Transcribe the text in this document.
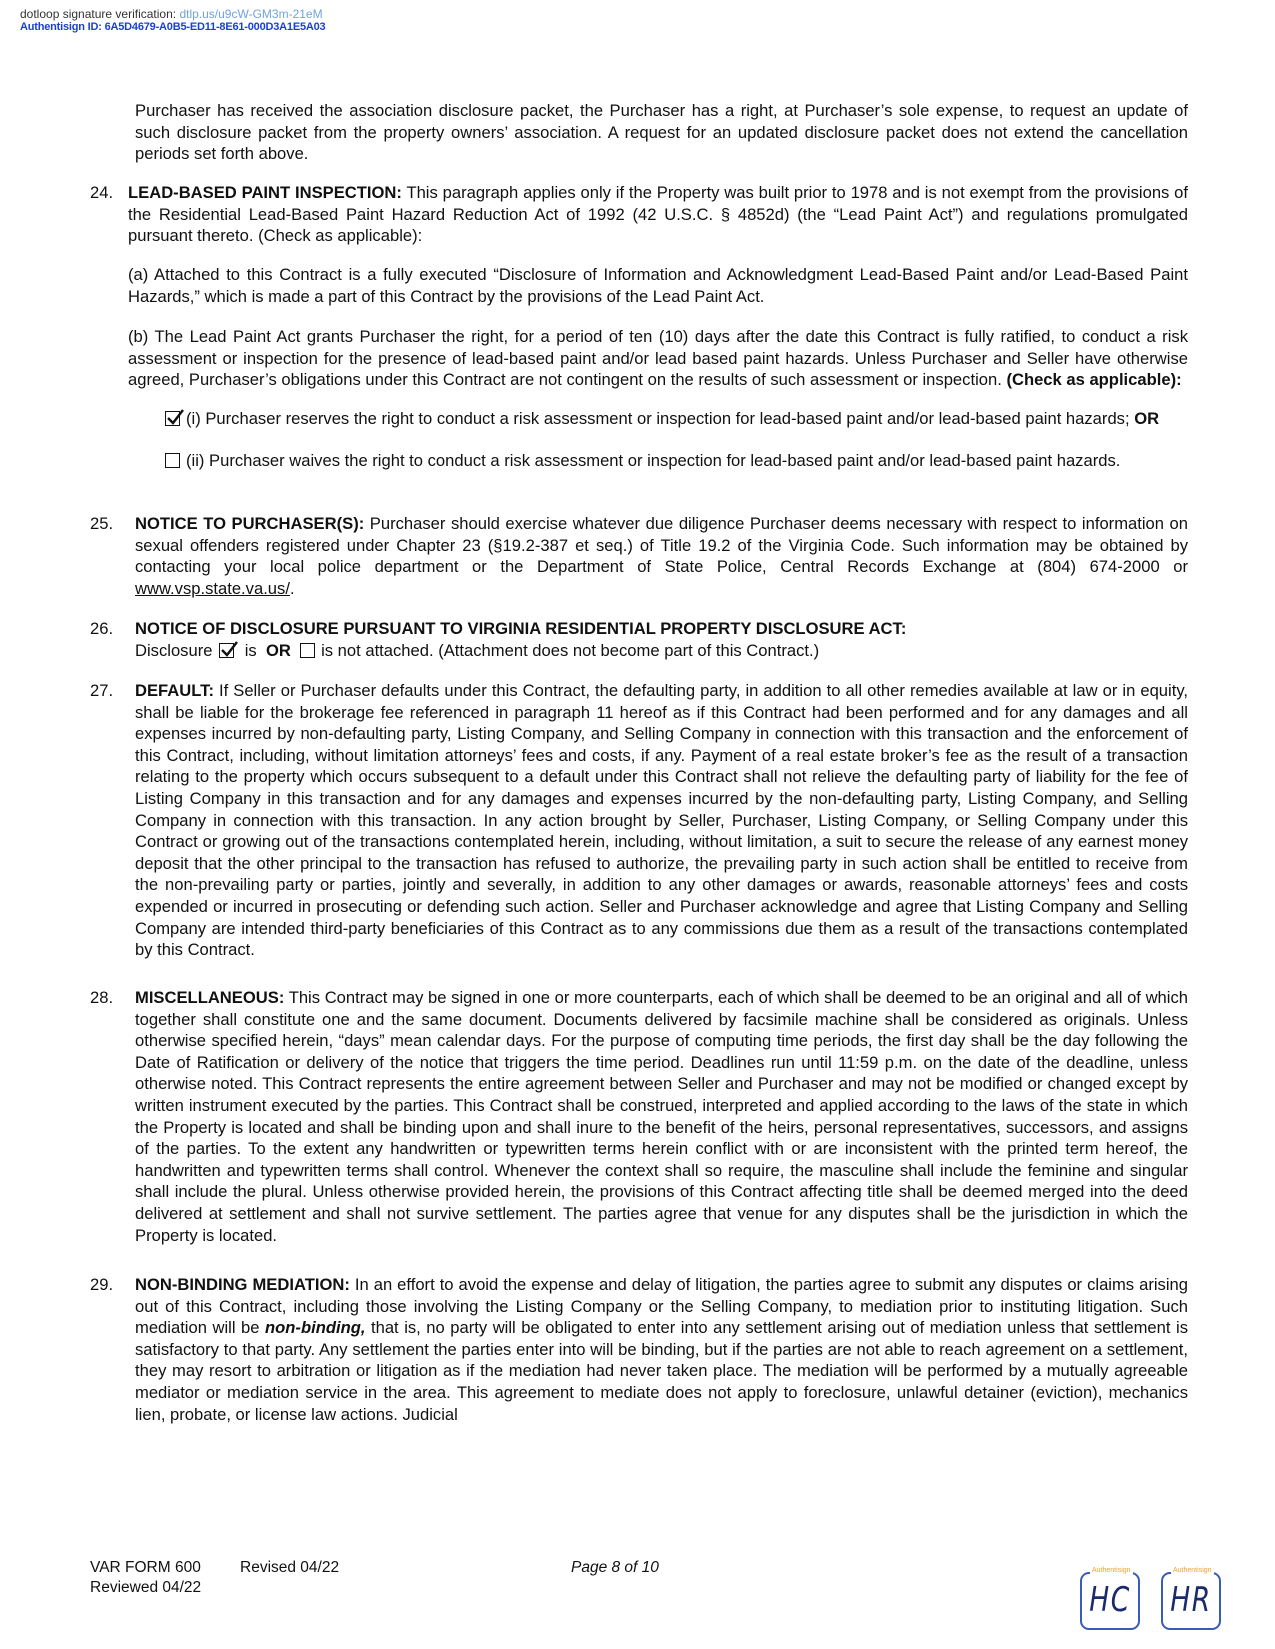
dotloop signature verification: dtlp.us/u9cW-GM3m-21eM
Authentisign ID: 6A5D4679-A0B5-ED11-8E61-000D3A1E5A03

Purchaser has received the association disclosure packet, the Purchaser has a right, at Purchaser’s sole expense, to request an update of such disclosure packet from the property owners’ association. A request for an updated disclosure packet does not extend the cancellation periods set forth above.

24. LEAD-BASED PAINT INSPECTION: This paragraph applies only if the Property was built prior to 1978 and is not exempt from the provisions of the Residential Lead-Based Paint Hazard Reduction Act of 1992 (42 U.S.C. § 4852d) (the “Lead Paint Act”) and regulations promulgated pursuant thereto. (Check as applicable):

(a) Attached to this Contract is a fully executed “Disclosure of Information and Acknowledgment Lead-Based Paint and/or Lead-Based Paint Hazards,” which is made a part of this Contract by the provisions of the Lead Paint Act.

(b) The Lead Paint Act grants Purchaser the right, for a period of ten (10) days after the date this Contract is fully ratified, to conduct a risk assessment or inspection for the presence of lead-based paint and/or lead based paint hazards. Unless Purchaser and Seller have otherwise agreed, Purchaser’s obligations under this Contract are not contingent on the results of such assessment or inspection. (Check as applicable):

(i) Purchaser reserves the right to conduct a risk assessment or inspection for lead-based paint and/or lead-based paint hazards; OR

(ii) Purchaser waives the right to conduct a risk assessment or inspection for lead-based paint and/or lead-based paint hazards.

25. NOTICE TO PURCHASER(S): Purchaser should exercise whatever due diligence Purchaser deems necessary with respect to information on sexual offenders registered under Chapter 23 (§19.2-387 et seq.) of Title 19.2 of the Virginia Code. Such information may be obtained by contacting your local police department or the Department of State Police, Central Records Exchange at (804) 674-2000 or www.vsp.state.va.us/.

26. NOTICE OF DISCLOSURE PURSUANT TO VIRGINIA RESIDENTIAL PROPERTY DISCLOSURE ACT:
Disclosure is OR is not attached. (Attachment does not become part of this Contract.)

27. DEFAULT: If Seller or Purchaser defaults under this Contract, the defaulting party, in addition to all other remedies available at law or in equity, shall be liable for the brokerage fee referenced in paragraph 11 hereof as if this Contract had been performed and for any damages and all expenses incurred by non-defaulting party, Listing Company, and Selling Company in connection with this transaction and the enforcement of this Contract, including, without limitation attorneys’ fees and costs, if any. Payment of a real estate broker’s fee as the result of a transaction relating to the property which occurs subsequent to a default under this Contract shall not relieve the defaulting party of liability for the fee of Listing Company in this transaction and for any damages and expenses incurred by the non-defaulting party, Listing Company, and Selling Company in connection with this transaction. In any action brought by Seller, Purchaser, Listing Company, or Selling Company under this Contract or growing out of the transactions contemplated herein, including, without limitation, a suit to secure the release of any earnest money deposit that the other principal to the transaction has refused to authorize, the prevailing party in such action shall be entitled to receive from the non-prevailing party or parties, jointly and severally, in addition to any other damages or awards, reasonable attorneys’ fees and costs expended or incurred in prosecuting or defending such action. Seller and Purchaser acknowledge and agree that Listing Company and Selling Company are intended third-party beneficiaries of this Contract as to any commissions due them as a result of the transactions contemplated by this Contract.

28. MISCELLANEOUS: This Contract may be signed in one or more counterparts, each of which shall be deemed to be an original and all of which together shall constitute one and the same document. Documents delivered by facsimile machine shall be considered as originals. Unless otherwise specified herein, “days” mean calendar days. For the purpose of computing time periods, the first day shall be the day following the Date of Ratification or delivery of the notice that triggers the time period. Deadlines run until 11:59 p.m. on the date of the deadline, unless otherwise noted. This Contract represents the entire agreement between Seller and Purchaser and may not be modified or changed except by written instrument executed by the parties. This Contract shall be construed, interpreted and applied according to the laws of the state in which the Property is located and shall be binding upon and shall inure to the benefit of the heirs, personal representatives, successors, and assigns of the parties. To the extent any handwritten or typewritten terms herein conflict with or are inconsistent with the printed term hereof, the handwritten and typewritten terms shall control. Whenever the context shall so require, the masculine shall include the feminine and singular shall include the plural. Unless otherwise provided herein, the provisions of this Contract affecting title shall be deemed merged into the deed delivered at settlement and shall not survive settlement. The parties agree that venue for any disputes shall be the jurisdiction in which the Property is located.

29. NON-BINDING MEDIATION: In an effort to avoid the expense and delay of litigation, the parties agree to submit any disputes or claims arising out of this Contract, including those involving the Listing Company or the Selling Company, to mediation prior to instituting litigation. Such mediation will be non-binding, that is, no party will be obligated to enter into any settlement arising out of mediation unless that settlement is satisfactory to that party. Any settlement the parties enter into will be binding, but if the parties are not able to reach agreement on a settlement, they may resort to arbitration or litigation as if the mediation had never taken place. The mediation will be performed by a mutually agreeable mediator or mediation service in the area. This agreement to mediate does not apply to foreclosure, unlawful detainer (eviction), mechanics lien, probate, or license law actions. Judicial

VAR FORM 600	Revised 04/22
Reviewed 04/22
Page 8 of 10	Authentisign
HC
Authentisign
HR
